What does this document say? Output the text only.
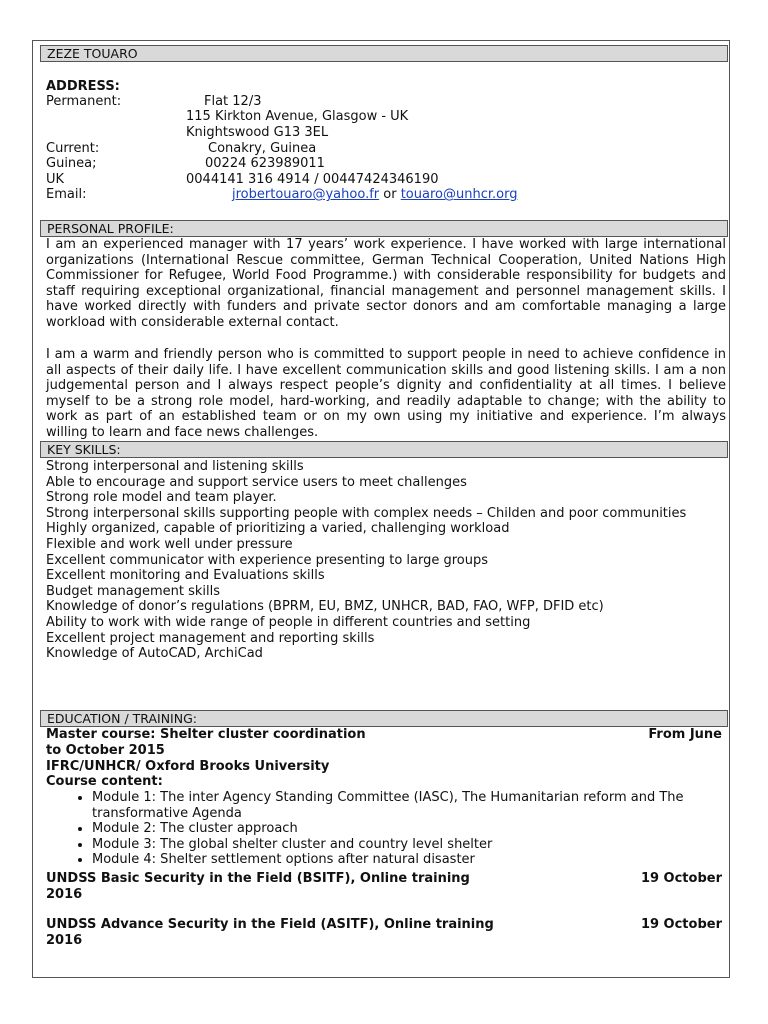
ZEZE TOUARO
ADDRESS:
Permanent:	Flat 12/3
115 Kirkton Avenue, Glasgow - UK
Knightswood G13 3EL
Current:	Conakry, Guinea
Guinea;	00224 623989011
UK	0044141 316 4914 / 00447424346190
Email:	jrobertouaro@yahoo.fr or touaro@unhcr.org
PERSONAL PROFILE:
I am an experienced manager with 17 years’ work experience. I have worked with large international organizations (International Rescue committee, German Technical Cooperation, United Nations High Commissioner for Refugee, World Food Programme.) with considerable responsibility for budgets and staff requiring exceptional organizational, financial management and personnel management skills. I have worked directly with funders and private sector donors and am comfortable managing a large workload with considerable external contact.
I am a warm and friendly person who is committed to support people in need to achieve confidence in all aspects of their daily life. I have excellent communication skills and good listening skills. I am a non judgemental person and I always respect people’s dignity and confidentiality at all times. I believe myself to be a strong role model, hard-working, and readily adaptable to change; with the ability to work as part of an established team or on my own using my initiative and experience. I’m always willing to learn and face news challenges.
KEY SKILLS:
Strong interpersonal and listening skills
Able to encourage and support service users to meet challenges
Strong role model and team player.
Strong interpersonal skills supporting people with complex needs – Childen and poor communities
Highly organized, capable of prioritizing a varied, challenging workload
Flexible and work well under pressure
Excellent communicator with experience presenting to large groups
Excellent monitoring and Evaluations skills
Budget management skills
Knowledge of donor’s regulations (BPRM, EU, BMZ, UNHCR, BAD, FAO, WFP, DFID etc)
Ability to work with wide range of people in different countries and setting
Excellent project management and reporting skills
Knowledge of AutoCAD, ArchiCad
EDUCATION / TRAINING:
Master course: Shelter cluster coordination	From June
to October 2015
IFRC/UNHCR/ Oxford Brooks University
Course content:
• Module 1: The inter Agency Standing Committee (IASC), The Humanitarian reform and The transformative Agenda
• Module 2: The cluster approach
• Module 3: The global shelter cluster and country level shelter
• Module 4: Shelter settlement options after natural disaster
UNDSS Basic Security in the Field (BSITF), Online training	19 October
2016
UNDSS Advance Security in the Field (ASITF), Online training	19 October
2016
